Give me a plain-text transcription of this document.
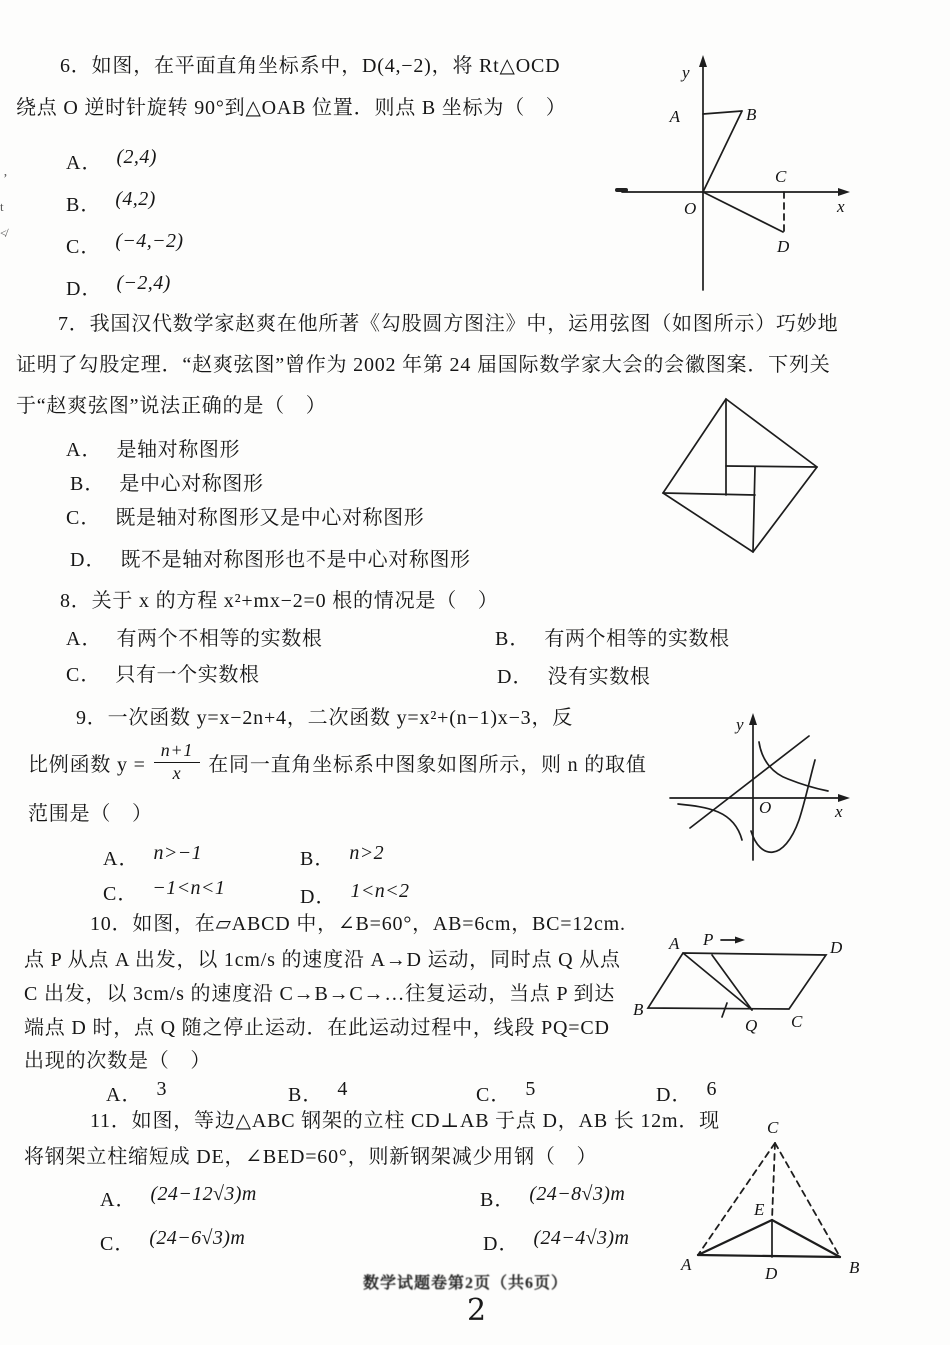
’
t
≮
6．如图，在平面直角坐标系中，D(4,−2)，将 Rt△OCD
绕点 O 逆时针旋转 90°到△OAB 位置．则点 B 坐标为（　）
A． (2,4)
B． (4,2)
C． (−4,−2)
D． (−2,4)
y
x
O
A	B
C
D
7．我国汉代数学家赵爽在他所著《勾股圆方图注》中，运用弦图（如图所示）巧妙地
证明了勾股定理．“赵爽弦图”曾作为 2002 年第 24 届国际数学家大会的会徽图案．下列关
于“赵爽弦图”说法正确的是（　）
A． 是轴对称图形
B． 是中心对称图形
C． 既是轴对称图形又是中心对称图形
D． 既不是轴对称图形也不是中心对称图形
8．关于 x 的方程 x²+mx−2=0 根的情况是（　）
A． 有两个不相等的实数根	B． 有两个相等的实数根
C． 只有一个实数根	D． 没有实数根
9．一次函数 y=x−2n+4，二次函数 y=x²+(n−1)x−3，反
比例函数 $y = \frac{n+1}{x}$ 在同一直角坐标系中图象如图所示，则 n 的取值
范围是（　）
A． n>−1	B． n>2
C． −1<n<1	D． 1<n<2
y
x
O
10．如图，在▱ABCD 中，∠B=60°，AB=6cm，BC=12cm.
点 P 从点 A 出发，以 1cm/s 的速度沿 A→D 运动，同时点 Q 从点
C 出发，以 3cm/s 的速度沿 C→B→C→…往复运动，当点 P 到达
端点 D 时，点 Q 随之停止运动．在此运动过程中，线段 PQ=CD
出现的次数是（　）
A． 3	B． 4	C． 5	D． 6
A P	D
B
Q C
11．如图，等边△ABC 钢架的立柱 CD⊥AB 于点 D，AB 长 12m．现
将钢架立柱缩短成 DE，∠BED=60°，则新钢架减少用钢（　）
A． (24−12√3)m	B． (24−8√3)m
C． (24−6√3)m	D． (24−4√3)m
C
E
A	D	B
数学试题卷第2页（共6页）
2
